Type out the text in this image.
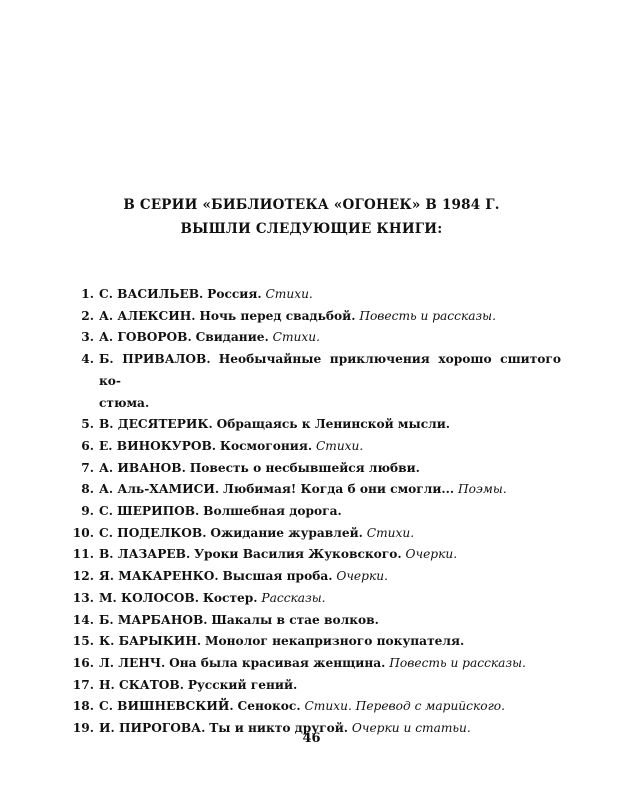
В СЕРИИ «БИБЛИОТЕКА «ОГОНЕК» В 1984 Г.
ВЫШЛИ СЛЕДУЮЩИЕ КНИГИ:
1. С. ВАСИЛЬЕВ. Россия. Стихи.
2. А. АЛЕКСИН. Ночь перед свадьбой. Повесть и рассказы.
3. А. ГОВОРОВ. Свидание. Стихи.
4. Б. ПРИВАЛОВ. Необычайные приключения хорошо сшитого ко-
стюма.
5. В. ДЕСЯТЕРИК. Обращаясь к Ленинской мысли.
6. Е. ВИНОКУРОВ. Космогония. Стихи.
7. А. ИВАНОВ. Повесть о несбывшейся любви.
8. А. Аль-ХАМИСИ. Любимая! Когда б они смогли... Поэмы.
9. С. ШЕРИПОВ. Волшебная дорога.
10. С. ПОДЕЛКОВ. Ожидание журавлей. Стихи.
11. В. ЛАЗАРЕВ. Уроки Василия Жуковского. Очерки.
12. Я. МАКАРЕНКО. Высшая проба. Очерки.
13. М. КОЛОСОВ. Костер. Рассказы.
14. Б. МАРБАНОВ. Шакалы в стае волков.
15. К. БАРЫКИН. Монолог некапризного покупателя.
16. Л. ЛЕНЧ. Она была красивая женщина. Повесть и рассказы.
17. Н. СКАТОВ. Русский гений.
18. С. ВИШНЕВСКИЙ. Сенокос. Стихи. Перевод с марийского.
19. И. ПИРОГОВА. Ты и никто другой. Очерки и статьи.
46
